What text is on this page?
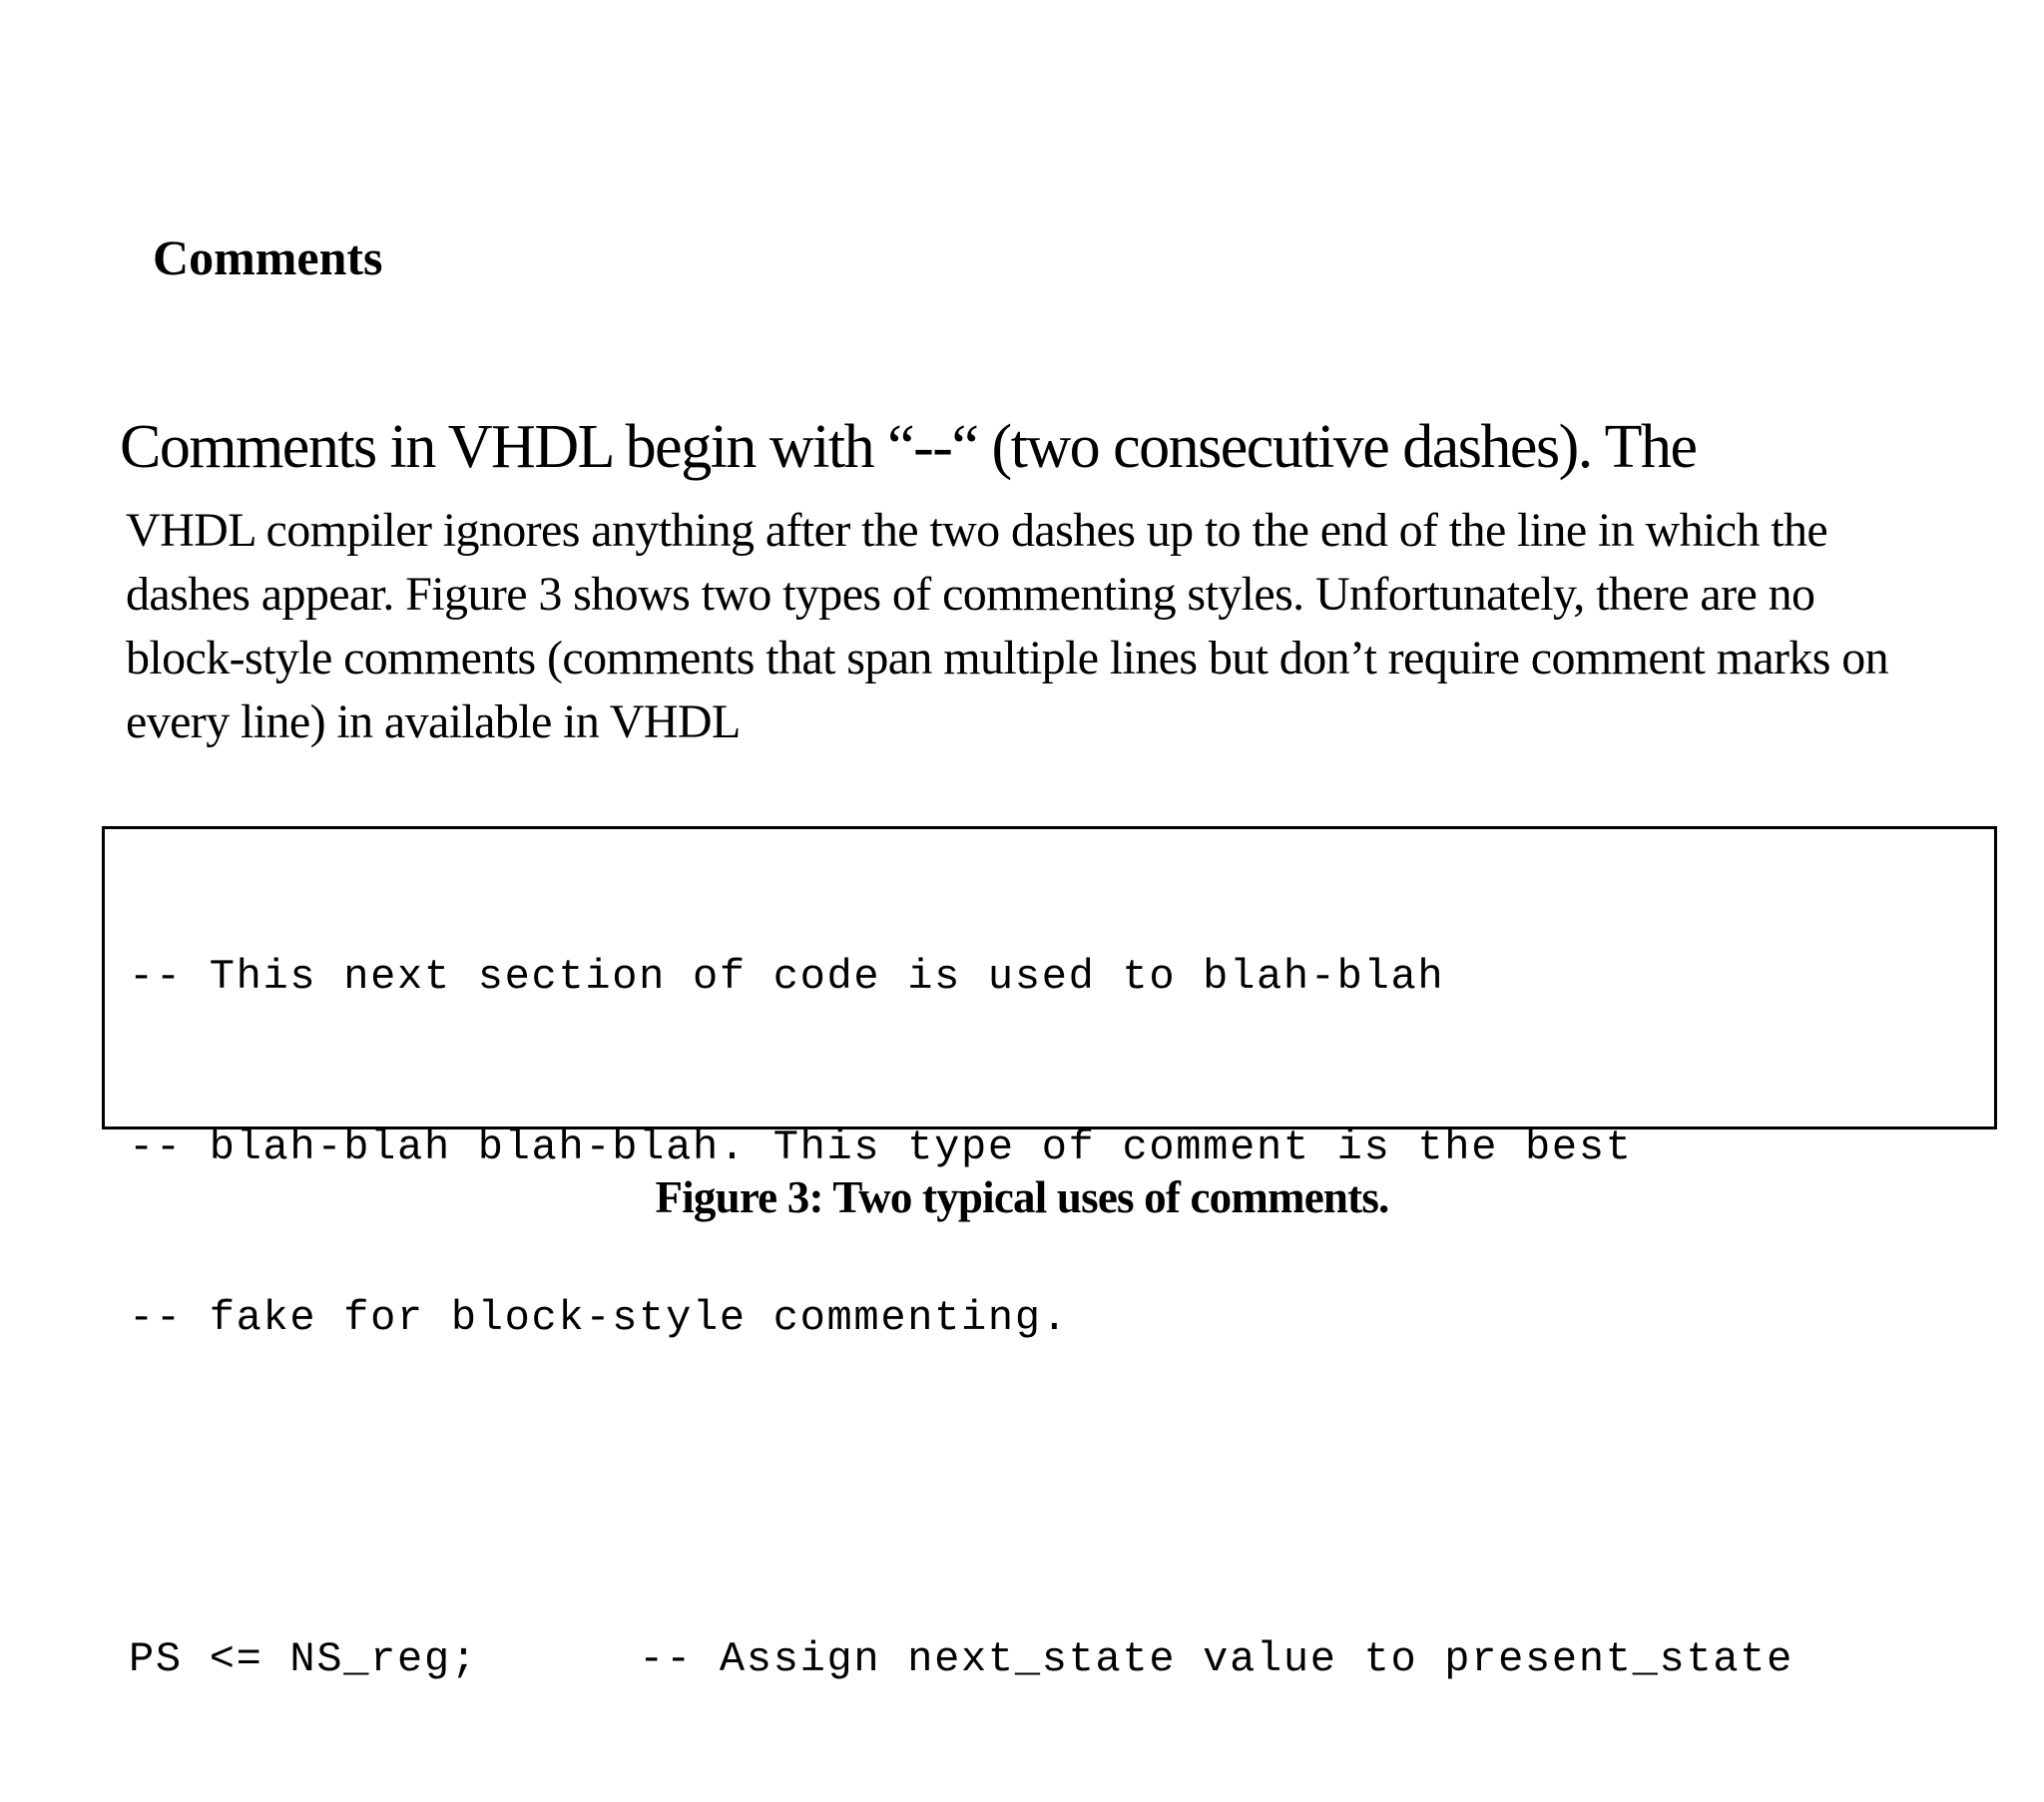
Comments
Comments in VHDL begin with “--“ (two consecutive dashes). The
VHDL compiler ignores anything after the two dashes up to the end of the line in which the
dashes appear. Figure 3 shows two types of commenting styles. Unfortunately, there are no
block-style comments (comments that span multiple lines but don’t require comment marks on
every line) in available in VHDL

-- This next section of code is used to blah-blah

-- blah-blah blah-blah. This type of comment is the best

-- fake for block-style commenting.

PS <= NS_reg;      -- Assign next_state value to present_state

Figure 3: Two typical uses of comments.
